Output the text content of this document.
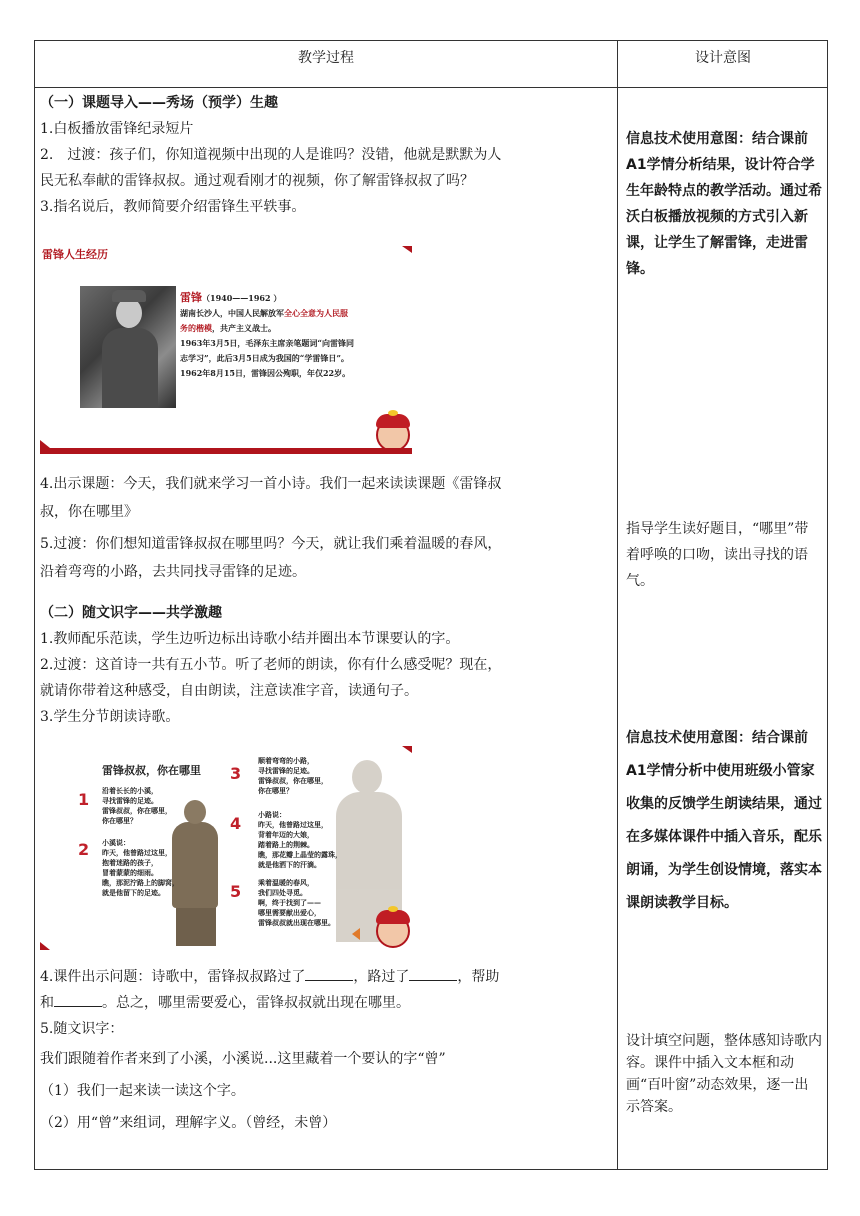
教学过程	设计意图

（一）课题导入——秀场（预学）生趣

1.白板播放雷锋纪录短片

2.　过渡：孩子们，你知道视频中出现的人是谁吗？没错，他就是默默为人

民无私奉献的雷锋叔叔。通过观看刚才的视频，你了解雷锋叔叔了吗？

3.指名说后，教师简要介绍雷锋生平轶事。

雷锋人生经历
雷锋（1940——1962 ）
湖南长沙人，中国人民解放军全心全意为人民服
务的楷模，共产主义战士。
1963年3月5日，毛泽东主席亲笔题词“向雷锋同
志学习”，此后3月5日成为我国的“学雷锋日”。
1962年8月15日，雷锋因公殉职，年仅22岁。

4.出示课题：今天，我们就来学习一首小诗。我们一起来读读课题《雷锋叔

叔，你在哪里》

5.过渡：你们想知道雷锋叔叔在哪里吗？今天，就让我们乘着温暖的春风，

沿着弯弯的小路，去共同找寻雷锋的足迹。

（二）随文识字——共学激趣

1.教师配乐范读，学生边听边标出诗歌小结并圈出本节课要认的字。

2.过渡：这首诗一共有五小节。听了老师的朗读，你有什么感受呢？现在，

就请你带着这种感受，自由朗读，注意读准字音，读通句子。

3.学生分节朗读诗歌。

雷锋叔叔，你在哪里
1 沿着长长的小溪，
寻找雷锋的足迹。
雷锋叔叔，你在哪里，
你在哪里？
2 小溪说：
昨天，他曾路过这里，
抱着迷路的孩子，
冒着蒙蒙的细雨。
瞧，那泥泞路上的脚窝，
就是他留下的足迹。
3
顺着弯弯的小路，
寻找雷锋的足迹。
雷锋叔叔，你在哪里，
你在哪里？
4 小路说：
昨天，他曾路过这里，
背着年迈的大娘，
踏着路上的荆棘。
瞧，那花瓣上晶莹的露珠，
就是他洒下的汗滴。
5 乘着温暖的春风，
我们四处寻觅。
啊，终于找到了——
哪里需要献出爱心，
雷锋叔叔就出现在哪里。

4.课件出示问题：诗歌中，雷锋叔叔路过了	，路过了	，帮助

和	。总之，哪里需要爱心，雷锋叔叔就出现在哪里。

5.随文识字：

我们跟随着作者来到了小溪，小溪说...这里藏着一个要认的字“曾”

（1）我们一起来读一读这个字。

（2）用“曾”来组词，理解字义。（曾经，未曾）

信息技术使用意图：结合课前A1学情分析结果，设计符合学生年龄特点的教学活动。通过希沃白板播放视频的方式引入新课，让学生了解雷锋，走进雷锋。
指导学生读好题目，“哪里”带着呼唤的口吻，读出寻找的语气。
信息技术使用意图：结合课前A1学情分析中使用班级小管家收集的反馈学生朗读结果，通过在多媒体课件中插入音乐，配乐朗诵，为学生创设情境，落实本课朗读教学目标。
设计填空问题，整体感知诗歌内容。课件中插入文本框和动画“百叶窗”动态效果，逐一出示答案。
